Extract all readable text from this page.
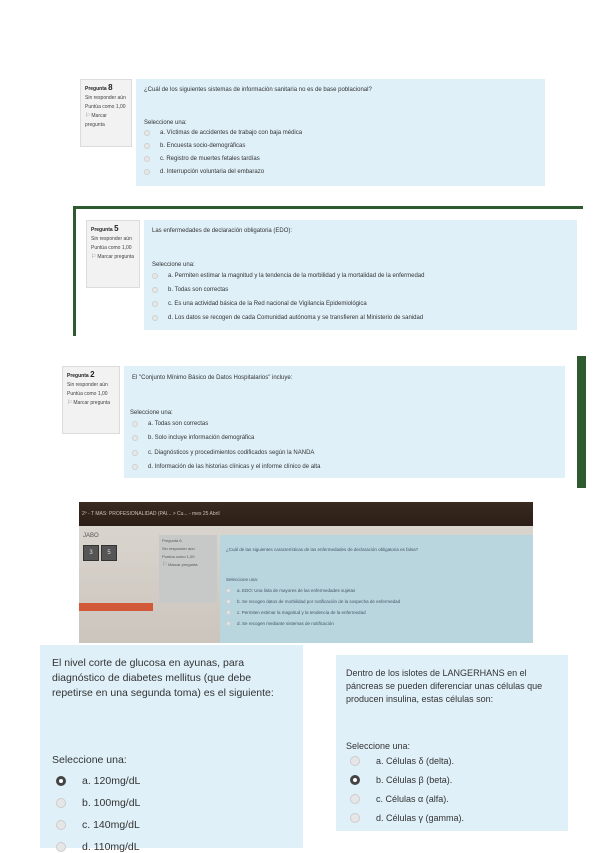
Pregunta 8
Sin responder aún
Puntúa como 1,00
⚐ Marcar pregunta
¿Cuál de los siguientes sistemas de información sanitaria no es de base poblacional?
Seleccione una:
a. Víctimas de accidentes de trabajo con baja médica
b. Encuesta socio-demográficas
c. Registro de muertes fetales tardías
d. Interrupción voluntaria del embarazo
Pregunta 5
Sin responder aún
Puntúa como 1,00
⚐ Marcar pregunta
Las enfermedades de declaración obligatoria (EDO):
Seleccione una:
a. Permiten estimar la magnitud y la tendencia de la morbilidad y la mortalidad de la enfermedad
b. Todas son correctas
c. Es una actividad básica de la Red nacional de Vigilancia Epidemiológica
d. Los datos se recogen de cada Comunidad autónoma y se transfieren al Ministerio de sanidad
Pregunta 2
Sin responder aún
Puntúa como 1,00
⚐ Marcar pregunta
El "Conjunto Mínimo Básico de Datos Hospitalarios" incluye:
Seleccione una:
a. Todas son correctas
b. Solo incluye información demográfica
c. Diagnósticos y procedimientos codificados según la NANDA
d. Información de las historias clínicas y el informe clínico de alta
2º - T MAS: PROFESIONALIDAD (PAI... > Cu... - mes 25 Abril
JABO
3	5
Pregunta 6
Sin responder aún
Puntúa como 1,00
⚐ Marcar pregunta
¿Cuál de las siguientes características de las enfermedades de declaración obligatoria es falsa?
Seleccione una:
a. EDO: Una lista de mayores de las enfermedades sujetas
b. Se recogen datos de morbilidad por notificación de la sospecha de enfermedad
c. Permiten estimar la magnitud y la tendencia de la enfermedad
d. Se recogen mediante sistemas de notificación
El nivel corte de glucosa en ayunas, para diagnóstico de diabetes mellitus (que debe repetirse en una segunda toma) es el siguiente:
Seleccione una:
a. 120mg/dL
b. 100mg/dL
c. 140mg/dL
d. 110mg/dL
Dentro de los islotes de LANGERHANS en el páncreas se pueden diferenciar unas células que producen insulina, estas células son:
Seleccione una:
a. Células δ (delta).
b. Células β (beta).
c. Células α (alfa).
d. Células γ (gamma).
